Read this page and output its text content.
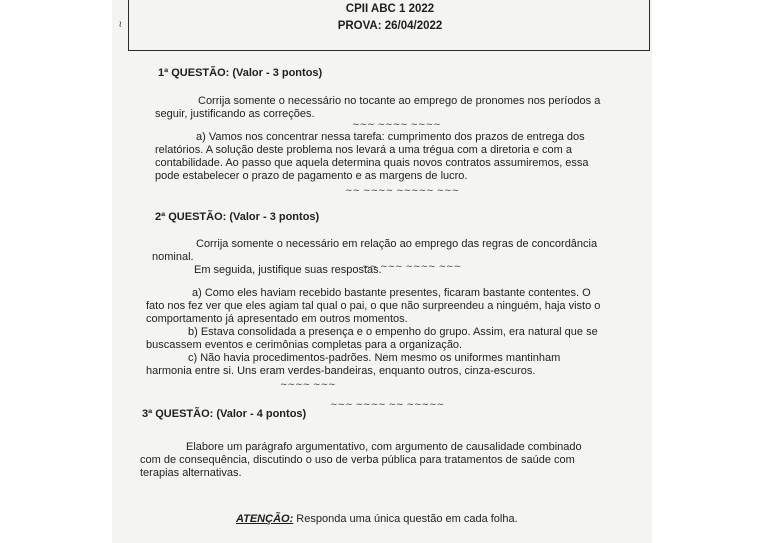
CPII ABC 1 2022
PROVA: 26/04/2022
~
1ª QUESTÃO: (Valor - 3 pontos)
Corrija somente o necessário no tocante ao emprego de pronomes nos períodos a
seguir, justificando as correções.
a) Vamos nos concentrar nessa tarefa: cumprimento dos prazos de entrega dos
relatórios. A solução deste problema nos levará a uma trégua com a diretoria e com a
contabilidade. Ao passo que aquela determina quais novos contratos assumiremos, essa
pode estabelecer o prazo de pagamento e as margens de lucro.
2ª QUESTÃO: (Valor - 3 pontos)
Corrija somente o necessário em relação ao emprego das regras de concordância
nominal.
Em seguida, justifique suas respostas.
a) Como eles haviam recebido bastante presentes, ficaram bastante contentes. O
fato nos fez ver que eles agiam tal qual o pai, o que não surpreendeu a ninguém, haja visto o
comportamento já apresentado em outros momentos.
b) Estava consolidada a presença e o empenho do grupo. Assim, era natural que se
buscassem eventos e cerimônias completas para a organização.
c) Não havia procedimentos-padrões. Nem mesmo os uniformes mantinham
harmonia entre si. Uns eram verdes-bandeiras, enquanto outros, cinza-escuros.
3ª QUESTÃO: (Valor - 4 pontos)
Elabore um parágrafo argumentativo, com argumento de causalidade combinado
com de consequência, discutindo o uso de verba pública para tratamentos de saúde com
terapias alternativas.
~~~ ~~~~ ~~~~
~~ ~~~~ ~~~~~ ~~~
~~ ~~~ ~~~~ ~~~
~~~~ ~~~
~~~ ~~~~ ~~ ~~~~~
ATENÇÃO: Responda uma única questão em cada folha.
